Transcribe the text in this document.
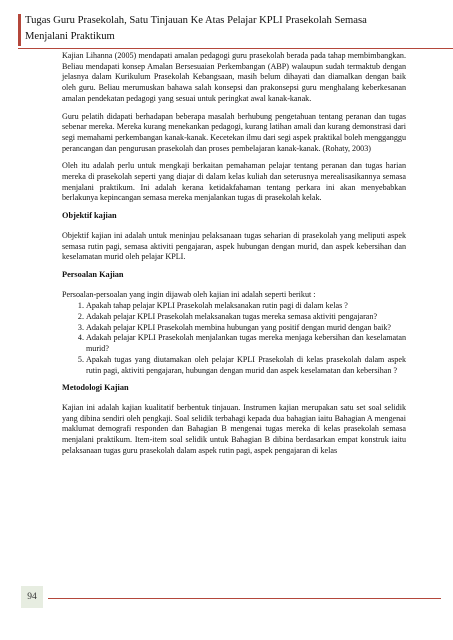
Tugas Guru Prasekolah, Satu Tinjauan Ke Atas Pelajar KPLI Prasekolah Semasa
Menjalani Praktikum

Kajian Lihanna (2005) mendapati amalan pedagogi guru prasekolah berada pada tahap membimbangkan. Beliau mendapati konsep Amalan Bersesuaian Perkembangan (ABP) walaupun sudah termaktub dengan jelasnya dalam Kurikulum Prasekolah Kebangsaan, masih belum dihayati dan diamalkan dengan baik oleh guru. Beliau merumuskan bahawa salah konsepsi dan prakonsepsi guru menghalang keberkesanan amalan pendekatan pedagogi yang sesuai untuk peringkat awal kanak-kanak.

Guru pelatih didapati berhadapan beberapa masalah berhubung pengetahuan tentang peranan dan tugas sebenar mereka. Mereka kurang menekankan pedagogi, kurang latihan amali dan kurang demonstrasi dari segi memahami perkembangan kanak-kanak. Kecetekan ilmu dari segi aspek praktikal boleh mengganggu perancangan dan pengurusan prasekolah dan proses pembelajaran kanak-kanak. (Rohaty, 2003)

Oleh itu adalah perlu untuk mengkaji berkaitan pemahaman pelajar tentang peranan dan tugas harian mereka di prasekolah seperti yang diajar di dalam kelas kuliah dan seterusnya merealisasikannya semasa menjalani praktikum. Ini adalah kerana ketidakfahaman tentang perkara ini akan menyebabkan berlakunya kepincangan semasa mereka menjalankan tugas di prasekolah kelak.

Objektif kajian

Objektif kajian ini adalah untuk meninjau pelaksanaan tugas seharian di prasekolah yang meliputi aspek semasa rutin pagi, semasa aktiviti pengajaran, aspek hubungan dengan murid, dan aspek kebersihan dan keselamatan murid oleh pelajar KPLI.

Persoalan Kajian

Persoalan-persoalan yang ingin dijawab oleh kajian ini adalah seperti berikut :

1. Apakah tahap pelajar KPLI Prasekolah melaksanakan rutin pagi di dalam kelas ?
2. Adakah pelajar KPLI Prasekolah melaksanakan tugas mereka semasa aktiviti pengajaran?
3. Adakah pelajar KPLI Prasekolah membina hubungan yang positif dengan murid dengan baik?
4. Adakah pelajar KPLI Prasekolah menjalankan tugas mereka menjaga kebersihan dan keselamatan murid?
5. Apakah tugas yang diutamakan oleh pelajar KPLI Prasekolah di kelas prasekolah dalam aspek rutin pagi, aktiviti pengajaran, hubungan dengan murid dan aspek keselamatan dan kebersihan ?
Metodologi Kajian

Kajian ini adalah kajian kualitatif berbentuk tinjauan. Instrumen kajian merupakan satu set soal selidik yang dibina sendiri oleh pengkaji. Soal selidik terbahagi kepada dua bahagian iaitu Bahagian A mengenai maklumat demografi responden dan Bahagian B mengenai tugas mereka di kelas prasekolah semasa menjalani praktikum. Item-item soal selidik untuk Bahagian B dibina berdasarkan empat konstruk iaitu pelaksanaan tugas guru prasekolah dalam aspek rutin pagi, aspek pengajaran di kelas

94
